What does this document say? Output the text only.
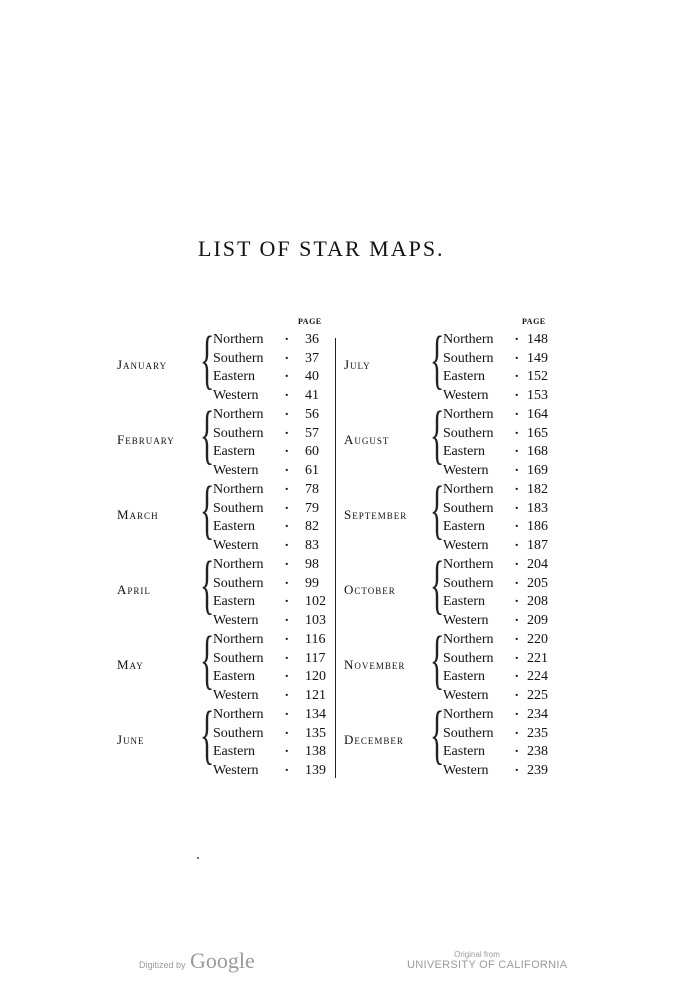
LIST OF STAR MAPS.
PAGE	PAGE
January {
Northern . 36
Southern . 37
Eastern . 40
Western . 41
February {
Northern . 56
Southern . 57
Eastern . 60
Western . 61
March {
Northern . 78
Southern . 79
Eastern . 82
Western . 83
April {
Northern . 98
Southern . 99
Eastern . 102
Western . 103
May {
Northern . 116
Southern . 117
Eastern . 120
Western . 121
June {
Northern . 134
Southern . 135
Eastern . 138
Western . 139
July {
Northern . 148
Southern . 149
Eastern . 152
Western . 153
August {
Northern . 164
Southern . 165
Eastern . 168
Western . 169
September {
Northern . 182
Southern . 183
Eastern . 186
Western . 187
October {
Northern . 204
Southern . 205
Eastern . 208
Western . 209
November {
Northern . 220
Southern . 221
Eastern . 224
Western . 225
December {
Northern . 234
Southern . 235
Eastern . 238
Western . 239
Digitized by Google	Original from
UNIVERSITY OF CALIFORNIA
